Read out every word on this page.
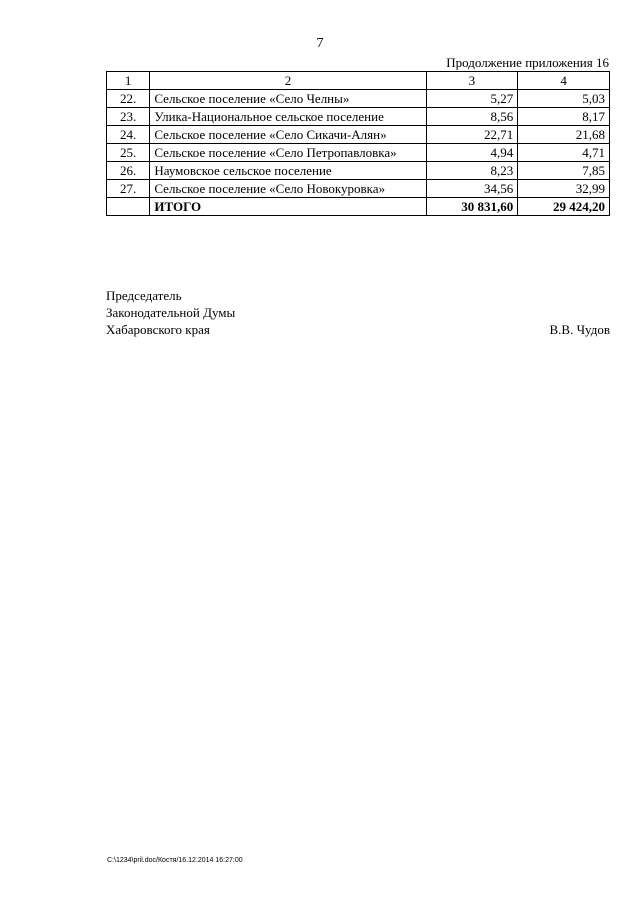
7
Продолжение приложения 16
1	2	3	4
22.	Сельское поселение «Село Челны»	5,27	5,03
23.	Улика-Национальное сельское поселение	8,56	8,17
24.	Сельское поселение «Село Сикачи-Алян»	22,71	21,68
25.	Сельское поселение «Село Петропавловка»	4,94	4,71
26.	Наумовское сельское поселение	8,23	7,85
27.	Сельское поселение «Село Новокуровка»	34,56	32,99
	ИТОГО	30 831,60	29 424,20
Председатель
Законодательной Думы
Хабаровского края	В.В. Чудов
C:\1234\pril.doc/Костя/16.12.2014 16:27:00
